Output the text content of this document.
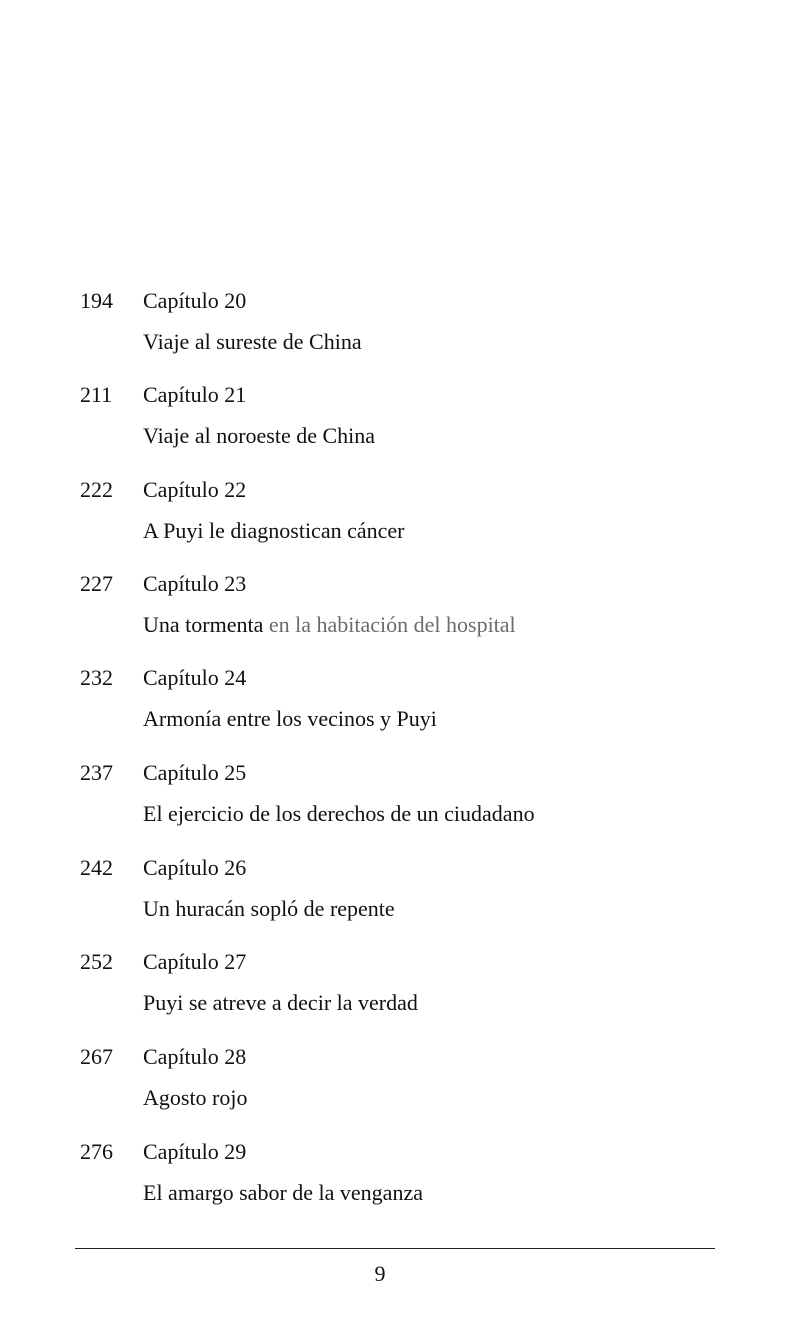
194	Capítulo 20
Viaje al sureste de China
211	Capítulo 21
Viaje al noroeste de China
222	Capítulo 22
A Puyi le diagnostican cáncer
227	Capítulo 23
Una tormenta en la habitación del hospital
232	Capítulo 24
Armonía entre los vecinos y Puyi
237	Capítulo 25
El ejercicio de los derechos de un ciudadano
242	Capítulo 26
Un huracán sopló de repente
252	Capítulo 27
Puyi se atreve a decir la verdad
267	Capítulo 28
Agosto rojo
276	Capítulo 29
El amargo sabor de la venganza
9
